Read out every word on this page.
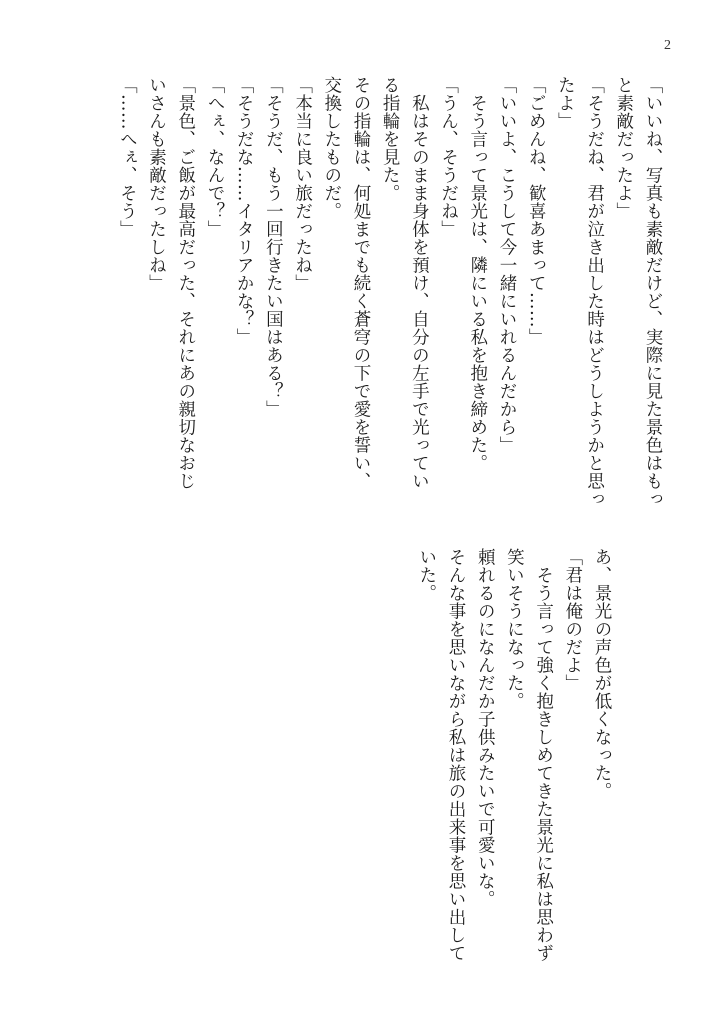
2
「いいね、写真も素敵だけど、実際に見た景色はもっ
と素敵だったよ」
「そうだね、君が泣き出した時はどうしようかと思っ
たよ」
「ごめんね、歓喜あまって……」
「いいよ、こうして今一緒にいれるんだから」
　そう言って景光は、隣にいる私を抱き締めた。
「うん、そうだね」
　私はそのまま身体を預け、自分の左手で光ってい
る指輪を見た。
その指輪は、何処までも続く蒼穹の下で愛を誓い、
交換したものだ。
「本当に良い旅だったね」
「そうだ、もう一回行きたい国はある？」
「そうだな……イタリアかな？」
「へぇ、なんで？」
「景色、ご飯が最高だった、それにあの親切なおじ
いさんも素敵だったしね」
「……へぇ、そう」
あ、景光の声色が低くなった。
「君は俺のだよ」
　そう言って強く抱きしめてきた景光に私は思わず
笑いそうになった。
頼れるのになんだか子供みたいで可愛いな。
そんな事を思いながら私は旅の出来事を思い出して
いた。
